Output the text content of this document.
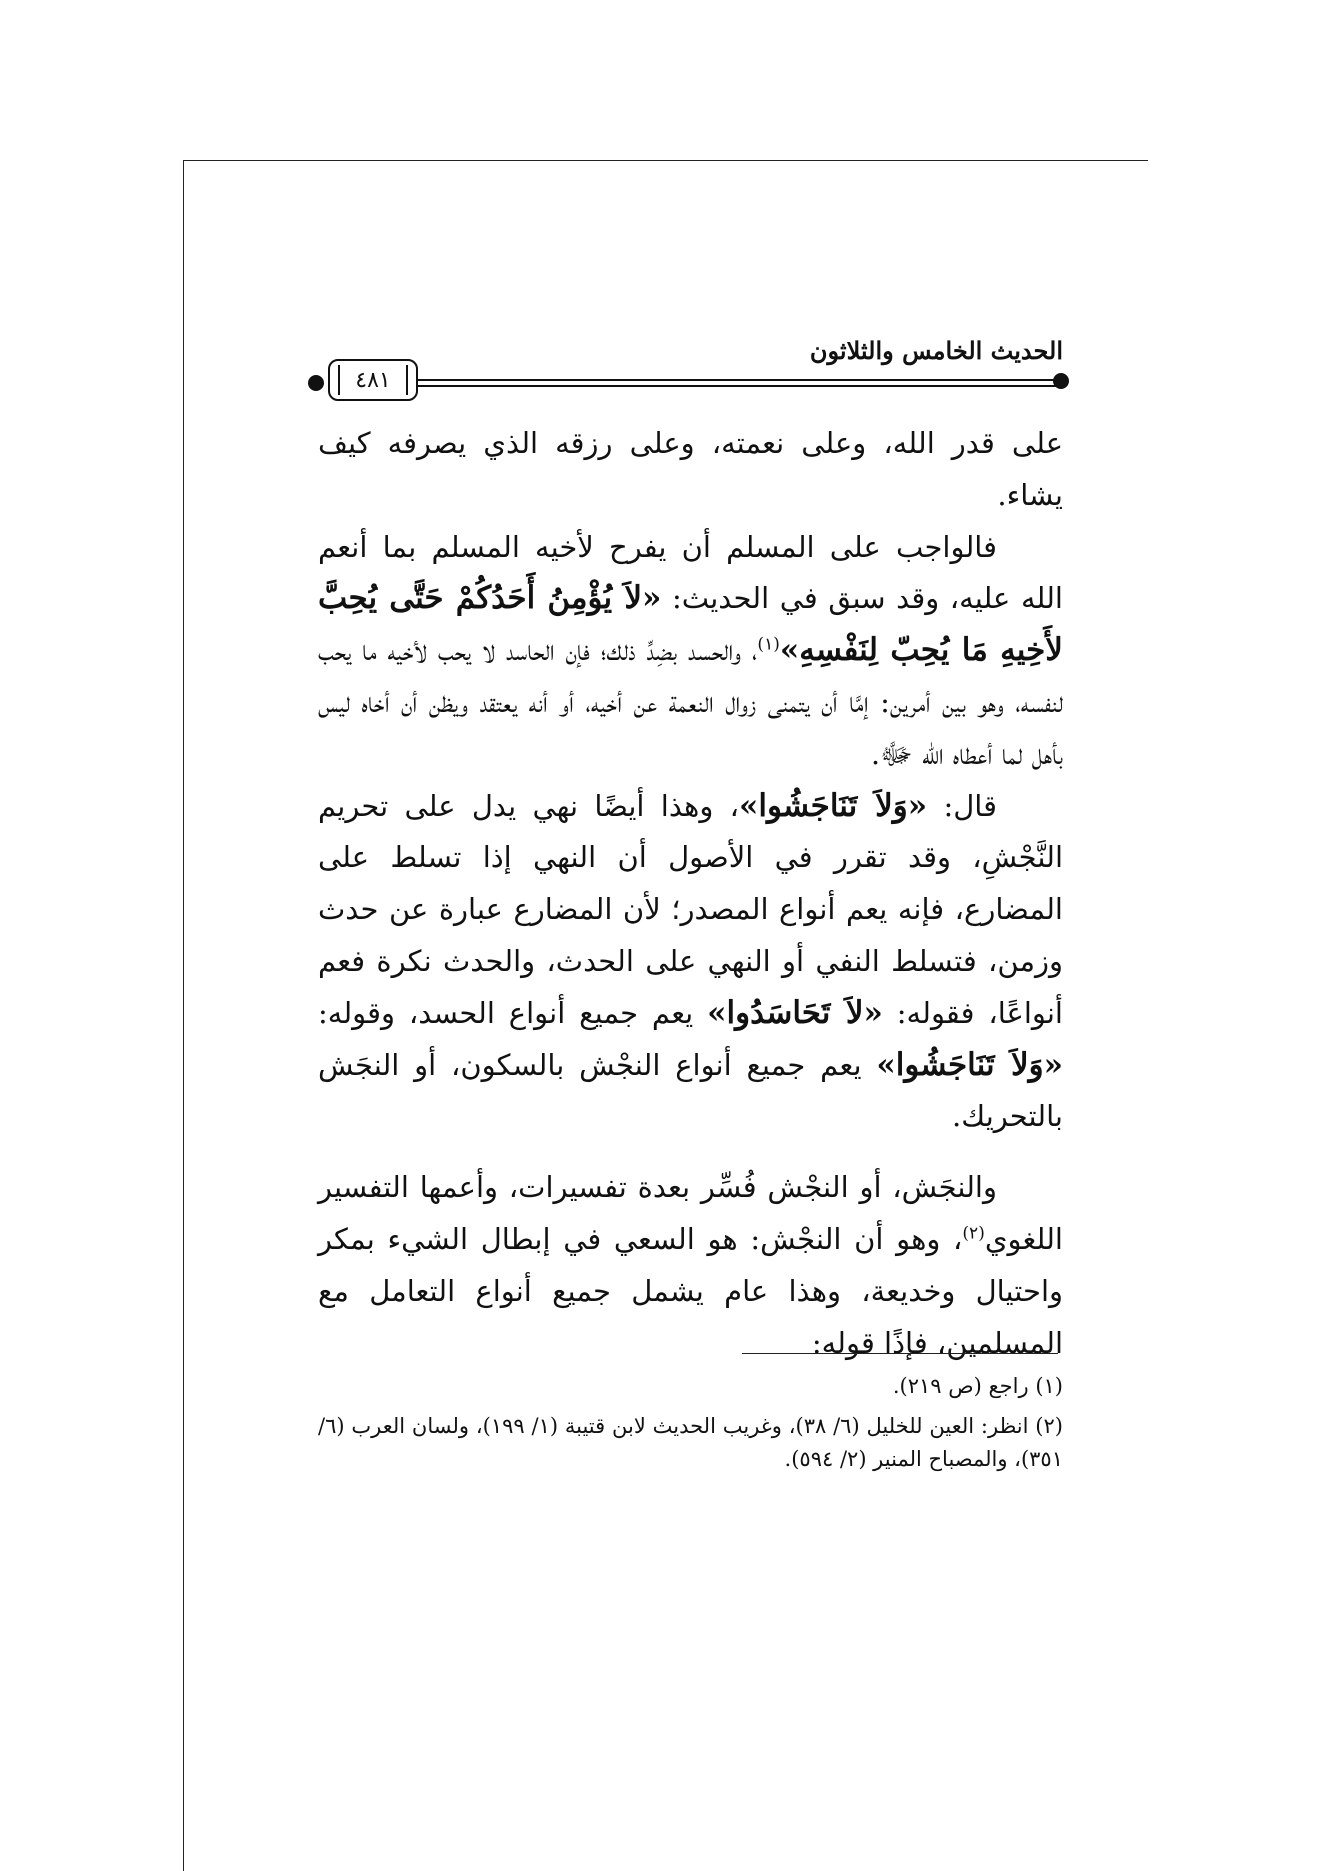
الحديث الخامس والثلاثون
٤٨١

على قدر الله، وعلى نعمته، وعلى رزقه الذي يصرفه كيف يشاء.

فالواجب على المسلم أن يفرح لأخيه المسلم بما أنعم الله عليه، وقد سبق في الحديث: «لاَ يُؤْمِنُ أَحَدُكُمْ حَتَّى يُحِبَّ لأَخِيهِ مَا يُحِبّ لِنَفْسِهِ»$^{(١)}$، والحسد بضِدِّ ذلك؛ فإن الحاسد لا يحب لأخيه ما يحب لنفسه، وهو بين أمرين: إمَّا أن يتمنى زوال النعمة عن أخيه، أو أنه يعتقد ويظن أن أخاه ليس بأهل لما أعطاه الله ﷻ.

قال: «وَلاَ تَنَاجَشُوا»، وهذا أيضًا نهي يدل على تحريم النَّجْشِ، وقد تقرر في الأصول أن النهي إذا تسلط على المضارع، فإنه يعم أنواع المصدر؛ لأن المضارع عبارة عن حدث وزمن، فتسلط النفي أو النهي على الحدث، والحدث نكرة فعم أنواعًا، فقوله: «لاَ تَحَاسَدُوا» يعم جميع أنواع الحسد، وقوله: «وَلاَ تَنَاجَشُوا» يعم جميع أنواع النجْش بالسكون، أو النجَش بالتحريك.

والنجَش، أو النجْش فُسِّر بعدة تفسيرات، وأعمها التفسير اللغوي$^{(٢)}$، وهو أن النجْش: هو السعي في إبطال الشيء بمكر واحتيال وخديعة، وهذا عام يشمل جميع أنواع التعامل مع المسلمين، فإذًا قوله:

(١) راجع (ص ٢١٩).

(٢) انظر: العين للخليل (٦/ ٣٨)، وغريب الحديث لابن قتيبة (١/ ١٩٩)، ولسان العرب (٦/ ٣٥١)، والمصباح المنير (٢/ ٥٩٤).
